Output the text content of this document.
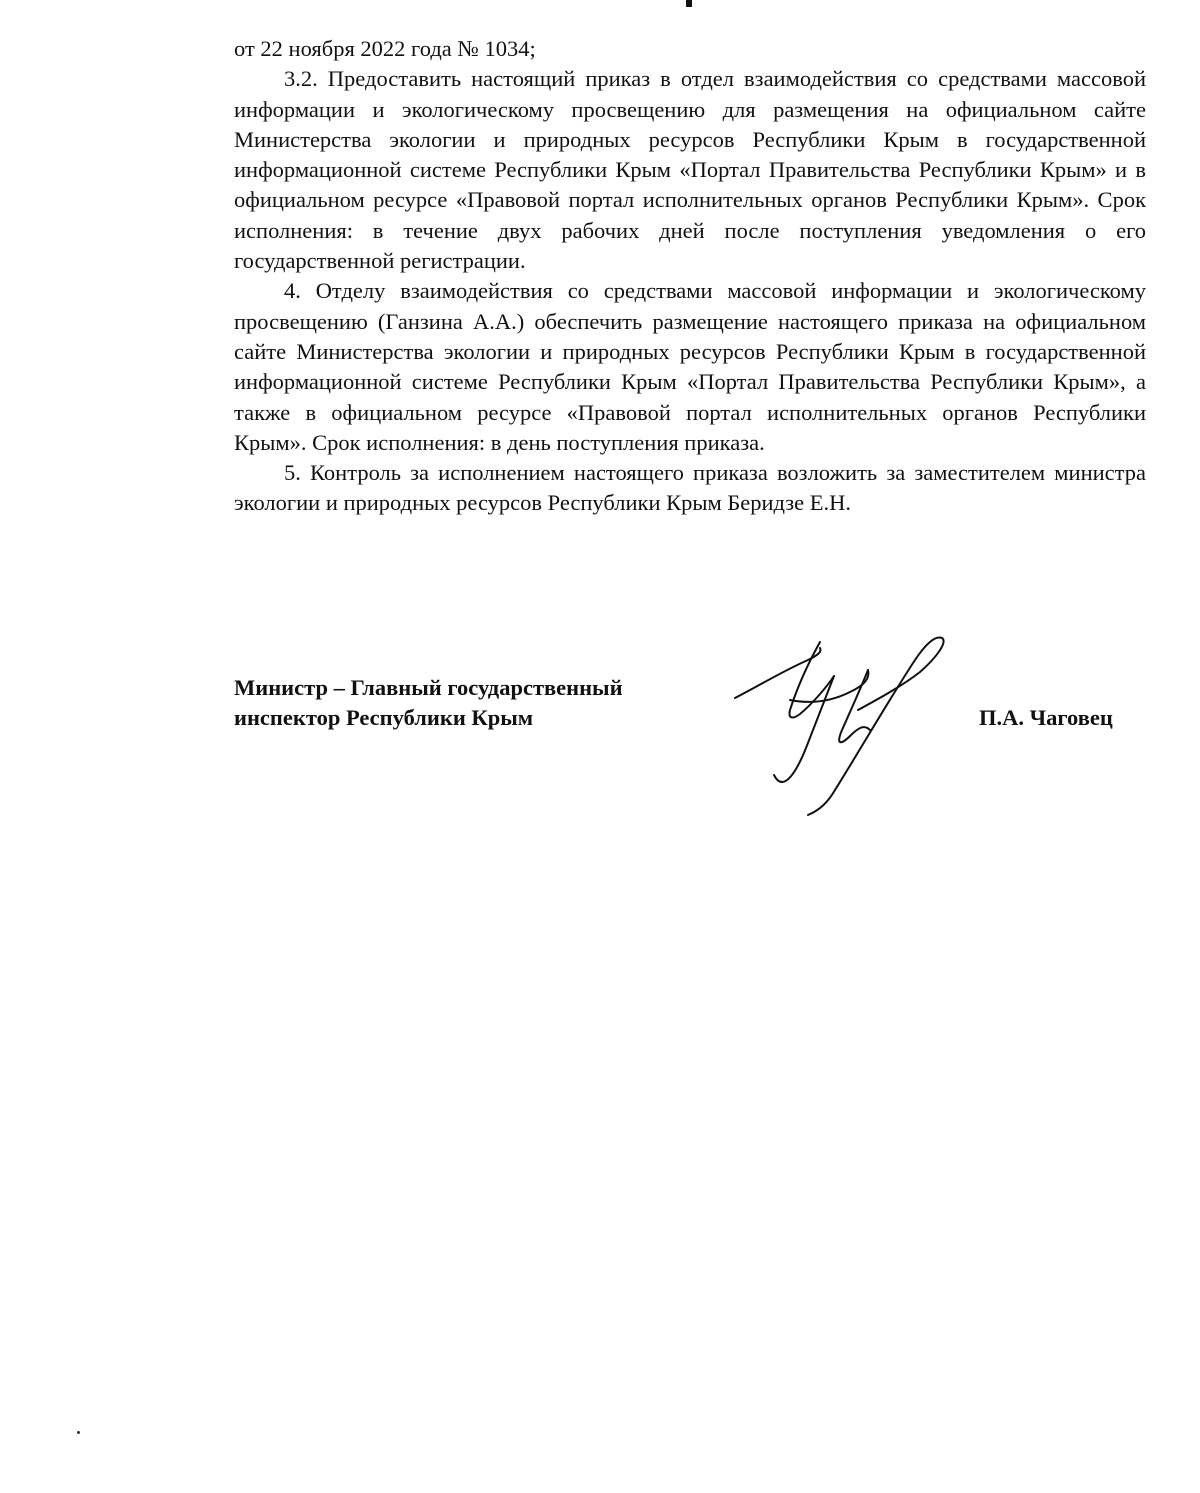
от 22 ноября 2022 года № 1034;

3.2. Предоставить настоящий приказ в отдел взаимодействия со средствами массовой информации и экологическому просвещению для размещения на официальном сайте Министерства экологии и природных ресурсов Республики Крым в государственной информационной системе Республики Крым «Портал Правительства Республики Крым» и в официальном ресурсе «Правовой портал исполнительных органов Республики Крым». Срок исполнения: в течение двух рабочих дней после поступления уведомления о его государственной регистрации.

4. Отделу взаимодействия со средствами массовой информации и экологическому просвещению (Ганзина А.А.) обеспечить размещение настоящего приказа на официальном сайте Министерства экологии и природных ресурсов Республики Крым в государственной информационной системе Республики Крым «Портал Правительства Республики Крым», а также в официальном ресурсе «Правовой портал исполнительных органов Республики Крым». Срок исполнения: в день поступления приказа.

5. Контроль за исполнением настоящего приказа возложить за заместителем министра экологии и природных ресурсов Республики Крым Беридзе Е.Н.

Министр – Главный государственный
инспектор Республики Крым	П.А. Чаговец
